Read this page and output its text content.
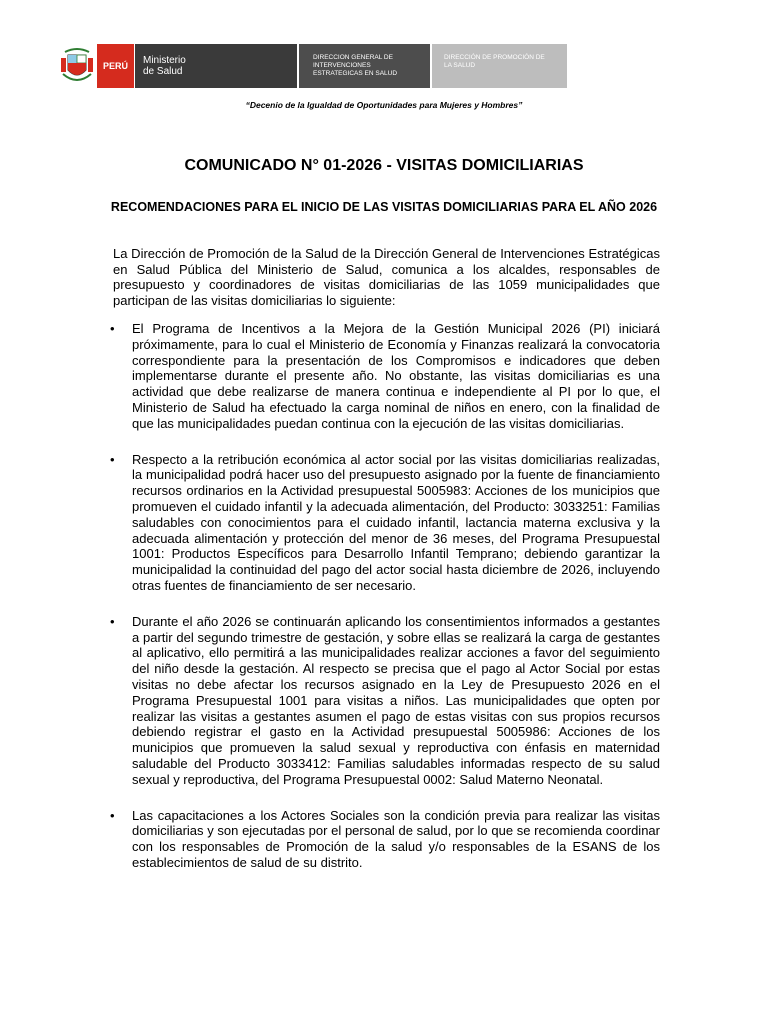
PERÚ Ministerio
de Salud
DIRECCION GENERAL DE
INTERVENCIONES
ESTRATEGICAS EN SALUD
DIRECCIÓN DE PROMOCIÓN DE
LA SALUD
“Decenio de la Igualdad de Oportunidades para Mujeres y Hombres”
COMUNICADO N° 01-2026 - VISITAS DOMICILIARIAS
RECOMENDACIONES PARA EL INICIO DE LAS VISITAS DOMICILIARIAS PARA EL AÑO 2026

La Dirección de Promoción de la Salud de la Dirección General de Intervenciones Estratégicas en Salud Pública del Ministerio de Salud, comunica a los alcaldes, responsables de presupuesto y coordinadores de visitas domiciliarias de las 1059 municipalidades que participan de las visitas domiciliarias lo siguiente:

• El Programa de Incentivos a la Mejora de la Gestión Municipal 2026 (PI) iniciará próximamente, para lo cual el Ministerio de Economía y Finanzas realizará la convocatoria correspondiente para la presentación de los Compromisos e indicadores que deben implementarse durante el presente año. No obstante, las visitas domiciliarias es una actividad que debe realizarse de manera continua e independiente al PI por lo que, el Ministerio de Salud ha efectuado la carga nominal de niños en enero, con la finalidad de que las municipalidades puedan continua con la ejecución de las visitas domiciliarias.
• Respecto a la retribución económica al actor social por las visitas domiciliarias realizadas, la municipalidad podrá hacer uso del presupuesto asignado por la fuente de financiamiento recursos ordinarios en la Actividad presupuestal 5005983: Acciones de los municipios que promueven el cuidado infantil y la adecuada alimentación, del Producto: 3033251: Familias saludables con conocimientos para el cuidado infantil, lactancia materna exclusiva y la adecuada alimentación y protección del menor de 36 meses, del Programa Presupuestal 1001: Productos Específicos para Desarrollo Infantil Temprano; debiendo garantizar la municipalidad la continuidad del pago del actor social hasta diciembre de 2026, incluyendo otras fuentes de financiamiento de ser necesario.
• Durante el año 2026 se continuarán aplicando los consentimientos informados a gestantes a partir del segundo trimestre de gestación, y sobre ellas se realizará la carga de gestantes al aplicativo, ello permitirá a las municipalidades realizar acciones a favor del seguimiento del niño desde la gestación. Al respecto se precisa que el pago al Actor Social por estas visitas no debe afectar los recursos asignado en la Ley de Presupuesto 2026 en el Programa Presupuestal 1001 para visitas a niños. Las municipalidades que opten por realizar las visitas a gestantes asumen el pago de estas visitas con sus propios recursos debiendo registrar el gasto en la Actividad presupuestal 5005986: Acciones de los municipios que promueven la salud sexual y reproductiva con énfasis en maternidad saludable del Producto 3033412: Familias saludables informadas respecto de su salud sexual y reproductiva, del Programa Presupuestal 0002: Salud Materno Neonatal.
• Las capacitaciones a los Actores Sociales son la condición previa para realizar las visitas domiciliarias y son ejecutadas por el personal de salud, por lo que se recomienda coordinar con los responsables de Promoción de la salud y/o responsables de la ESANS de los establecimientos de salud de su distrito.
